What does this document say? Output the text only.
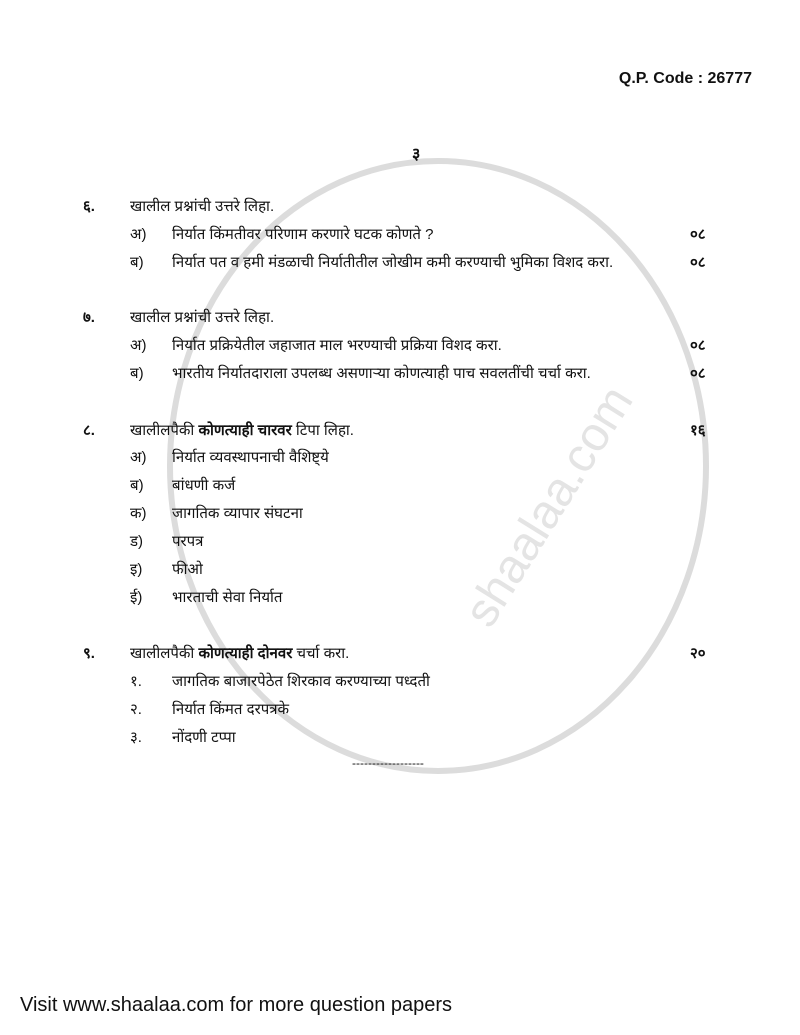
shaalaa.com
Q.P. Code : 26777
३
६. खालील प्रश्नांची उत्तरे लिहा.
अ) निर्यात किंमतीवर परिणाम करणारे घटक कोणते ?	०८
ब) निर्यात पत व हमी मंडळाची निर्यातीतील जोखीम कमी करण्याची भुमिका विशद करा.	०८
७. खालील प्रश्नांची उत्तरे लिहा.
अ) निर्यात प्रक्रियेतील जहाजात माल भरण्याची प्रक्रिया विशद करा.	०८
ब) भारतीय निर्यातदाराला उपलब्ध असणाऱ्या कोणत्याही पाच सवलतींची चर्चा करा.	०८
८. खालीलपैकी कोणत्याही चारवर टिपा लिहा.	१६
अ) निर्यात व्यवस्थापनाची वैशिष्ट्ये
ब) बांधणी कर्ज
क) जागतिक व्यापार संघटना
ड) परपत्र
इ) फीओ
ई) भारताची सेवा निर्यात
९. खालीलपैकी कोणत्याही दोनवर चर्चा करा.	२०
१. जागतिक बाजारपेठेत शिरकाव करण्याच्या पध्दती
२. निर्यात किंमत दरपत्रके
३. नोंदणी टप्पा
------------------
Visit www.shaalaa.com for more question papers
